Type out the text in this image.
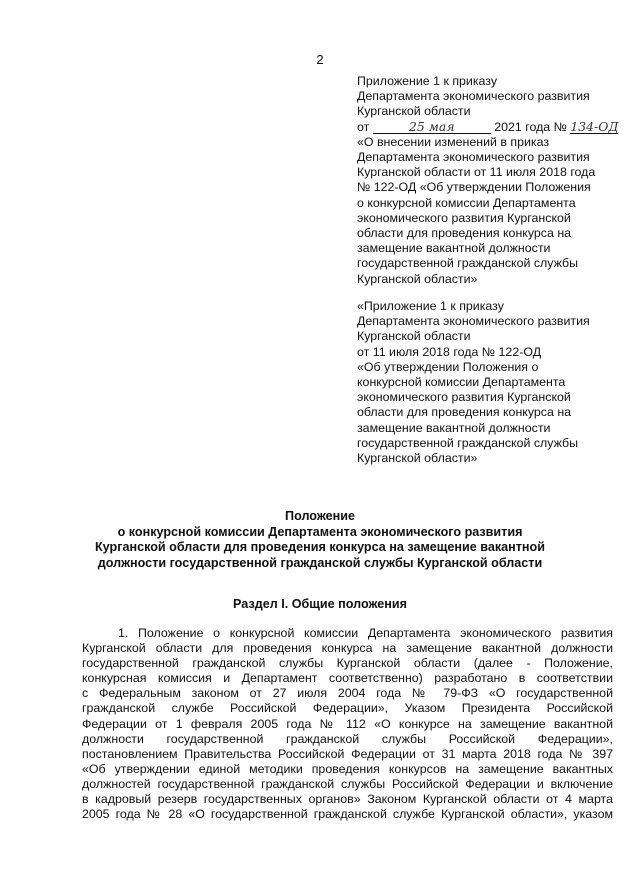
2
Приложение 1 к приказу
Департамента экономического развития
Курганской области
от	25 мая	2021 года № 134-ОД
«О внесении изменений в приказ
Департамента экономического развития
Курганской области от 11 июля 2018 года
№ 122-ОД «Об утверждении Положения
о конкурсной комиссии Департамента
экономического развития Курганской
области для проведения конкурса на
замещение вакантной должности
государственной гражданской службы
Курганской области»
«Приложение 1 к приказу
Департамента экономического развития
Курганской области
от 11 июля 2018 года № 122-ОД
«Об утверждении Положения о
конкурсной комиссии Департамента
экономического развития Курганской
области для проведения конкурса на
замещение вакантной должности
государственной гражданской службы
Курганской области»
Положение
о конкурсной комиссии Департамента экономического развития
Курганской области для проведения конкурса на замещение вакантной
должности государственной гражданской службы Курганской области
Раздел I. Общие положения
1. Положение о конкурсной комиссии Департамента экономического развития
Курганской области для проведения конкурса на замещение вакантной должности
государственной гражданской службы Курганской области (далее - Положение,
конкурсная комиссия и Департамент соответственно) разработано в соответствии
с Федеральным законом от 27 июля 2004 года № 79-ФЗ «О государственной
гражданской службе Российской Федерации», Указом Президента Российской
Федерации от 1 февраля 2005 года № 112 «О конкурсе на замещение вакантной
должности государственной гражданской службы Российской Федерации»,
постановлением Правительства Российской Федерации от 31 марта 2018 года № 397
«Об утверждении единой методики проведения конкурсов на замещение вакантных
должностей государственной гражданской службы Российской Федерации и включение
в кадровый резерв государственных органов» Законом Курганской области от 4 марта
2005 года № 28 «О государственной гражданской службе Курганской области», указом
